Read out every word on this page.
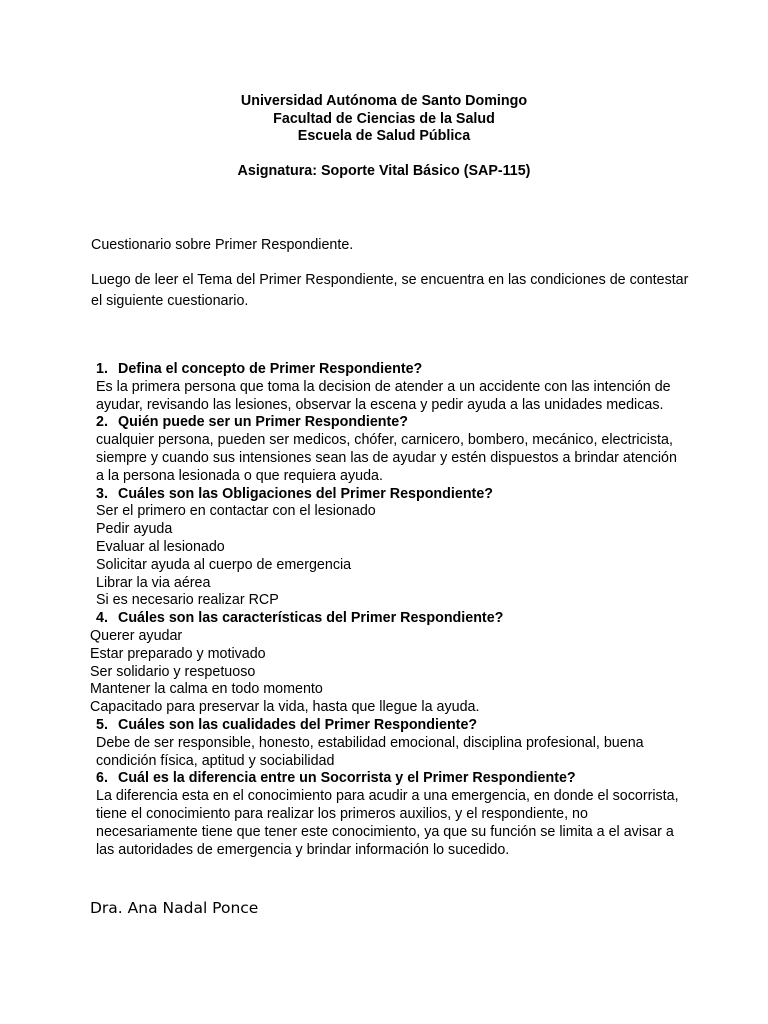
Universidad Autónoma de Santo Domingo
Facultad de Ciencias de la Salud
Escuela de Salud Pública
Asignatura: Soporte Vital Básico (SAP-115)
Cuestionario sobre Primer Respondiente.
Luego de leer el Tema del Primer Respondiente, se encuentra en las condiciones de contestar el siguiente cuestionario.
1. Defina el concepto de Primer Respondiente?
Es la primera persona que toma la decision de atender a un accidente con las intención de ayudar, revisando las lesiones, observar la escena y pedir ayuda a las unidades medicas.
2. Quién puede ser un Primer Respondiente?
cualquier persona, pueden ser medicos, chófer, carnicero, bombero, mecánico, electricista, siempre y cuando sus intensiones sean las de ayudar y estén dispuestos a brindar atención a la persona lesionada o que requiera ayuda.
3. Cuáles son las Obligaciones del Primer Respondiente?
Ser el primero en contactar con el lesionado
Pedir ayuda
Evaluar al lesionado
Solicitar ayuda al cuerpo de emergencia
Librar la via aérea
Si es necesario realizar RCP
4. Cuáles son las características del Primer Respondiente?
Querer ayudar
Estar preparado y motivado
Ser solidario y respetuoso
Mantener la calma en todo momento
Capacitado para preservar la vida, hasta que llegue la ayuda.
5. Cuáles son las cualidades del Primer Respondiente?
Debe de ser responsible, honesto, estabilidad emocional, disciplina profesional, buena condición física, aptitud y sociabilidad
6. Cuál es la diferencia entre un Socorrista y el Primer Respondiente?
La diferencia esta en el conocimiento para acudir a una emergencia, en donde el socorrista, tiene el conocimiento para realizar los primeros auxilios, y el respondiente, no necesariamente tiene que tener este conocimiento, ya que su función se limita a el avisar a las autoridades de emergencia y brindar información lo sucedido.
Dra. Ana Nadal Ponce
